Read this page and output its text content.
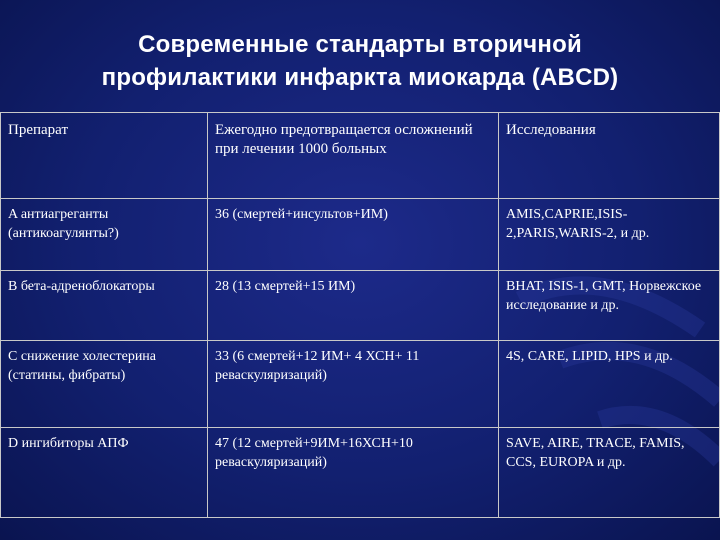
Современные стандарты вторичной
профилактики инфаркта миокарда (ABCD)
Препарат	Ежегодно предотвращается осложнений при лечении 1000 больных	Исследования
A антиагреганты (антикоагулянты?)	36 (смертей+инсультов+ИМ)	AMIS,CAPRIE,ISIS-2,PARIS,WARIS-2, и др.
B бета-адреноблокаторы	28 (13 смертей+15 ИМ)	BHAT, ISIS-1, GMT, Норвежское исследование и др.
C снижение холестерина (статины, фибраты)	33 (6 смертей+12 ИМ+ 4 ХСН+ 11 реваскуляризаций)	4S, CARE, LIPID, HPS и др.
D ингибиторы АПФ	47 (12 смертей+9ИМ+16ХСН+10 реваскуляризаций)	SAVE, AIRE, TRACE, FAMIS, CCS, EUROPA и др.
